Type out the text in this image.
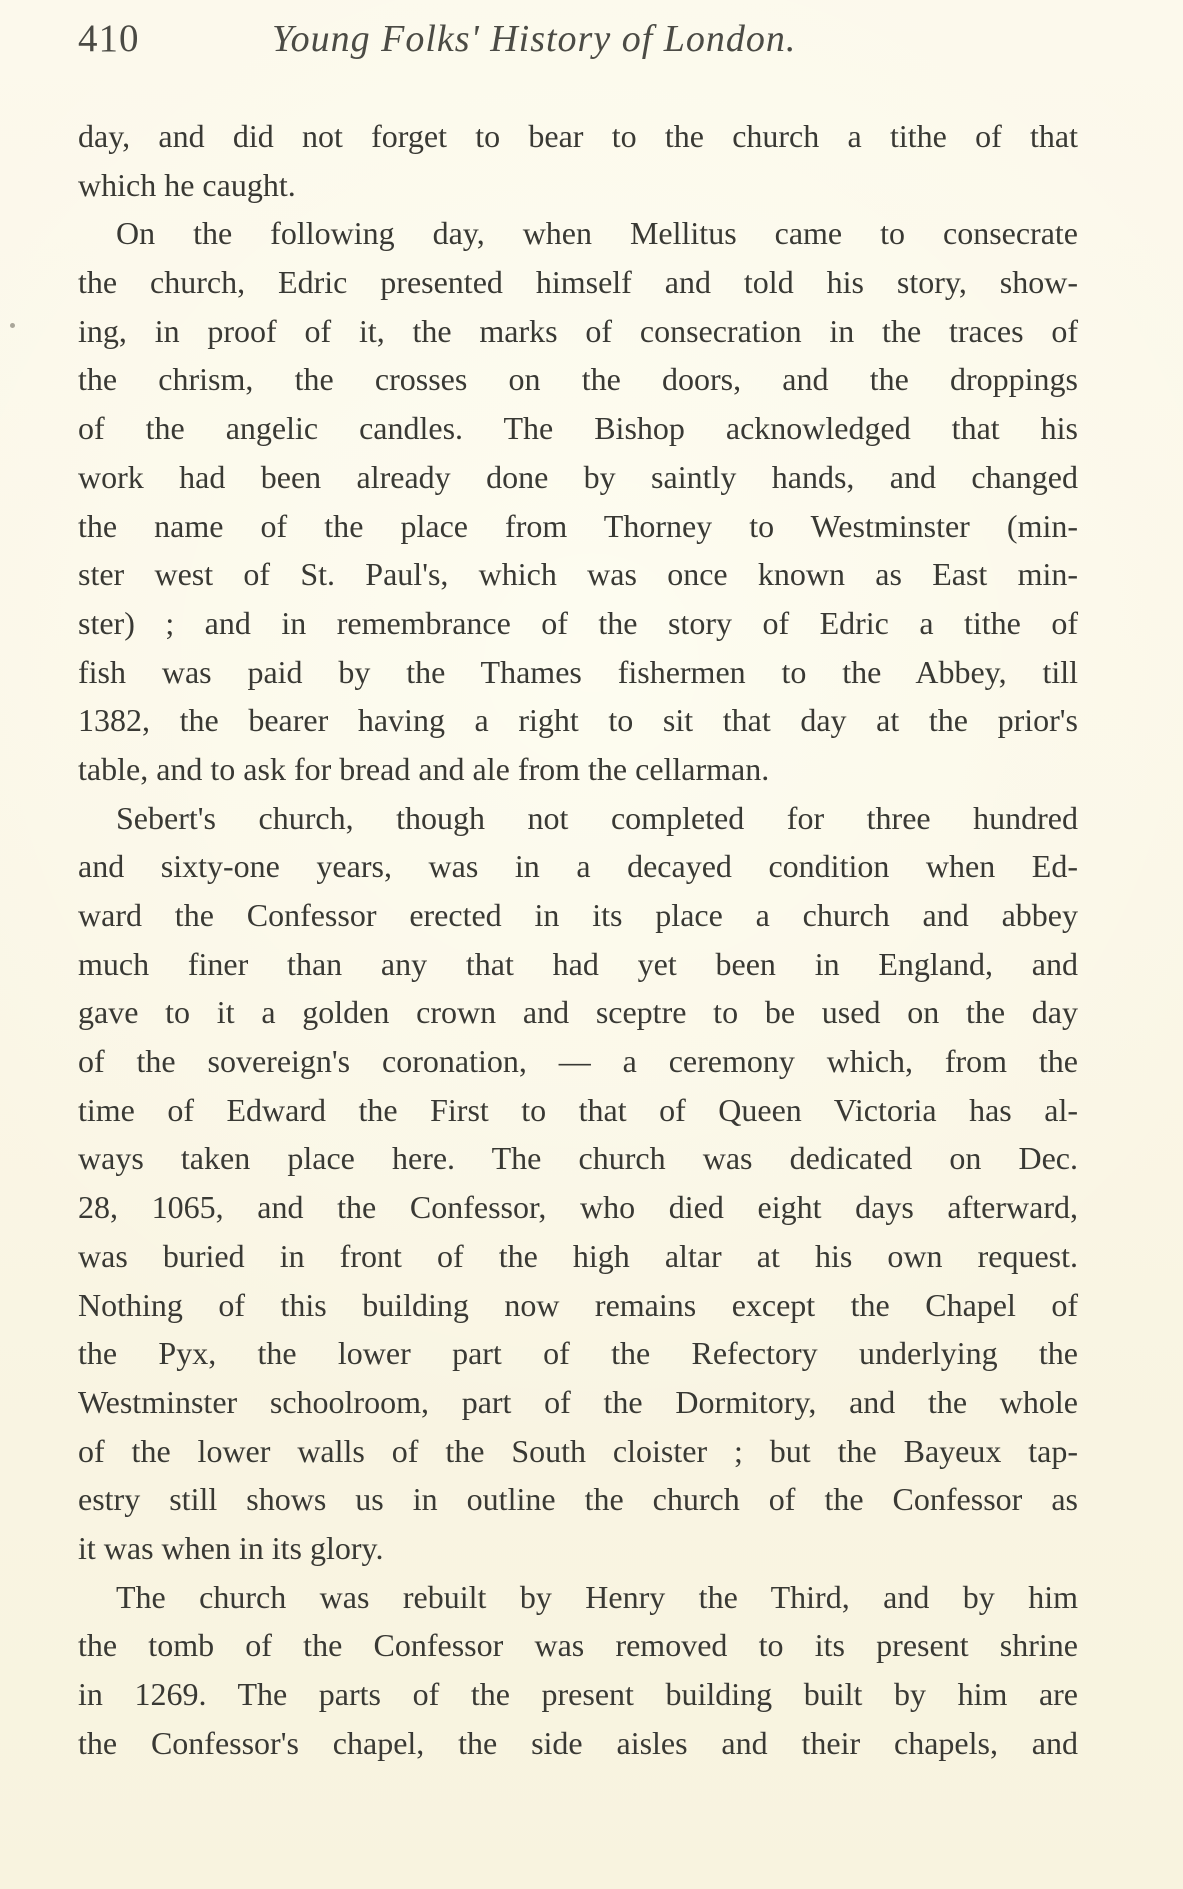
410	Young Folks' History of London.
day, and did not forget to bear to the church a tithe of that
which he caught.
On the following day, when Mellitus came to consecrate
the church, Edric presented himself and told his story, show-
ing, in proof of it, the marks of consecration in the traces of
the chrism, the crosses on the doors, and the droppings
of the angelic candles. The Bishop acknowledged that his
work had been already done by saintly hands, and changed
the name of the place from Thorney to Westminster (min-
ster west of St. Paul's, which was once known as East min-
ster) ; and in remembrance of the story of Edric a tithe of
fish was paid by the Thames fishermen to the Abbey, till
1382, the bearer having a right to sit that day at the prior's
table, and to ask for bread and ale from the cellarman.
Sebert's church, though not completed for three hundred
and sixty-one years, was in a decayed condition when Ed-
ward the Confessor erected in its place a church and abbey
much finer than any that had yet been in England, and
gave to it a golden crown and sceptre to be used on the day
of the sovereign's coronation, — a ceremony which, from the
time of Edward the First to that of Queen Victoria has al-
ways taken place here. The church was dedicated on Dec.
28, 1065, and the Confessor, who died eight days afterward,
was buried in front of the high altar at his own request.
Nothing of this building now remains except the Chapel of
the Pyx, the lower part of the Refectory underlying the
Westminster schoolroom, part of the Dormitory, and the whole
of the lower walls of the South cloister ; but the Bayeux tap-
estry still shows us in outline the church of the Confessor as
it was when in its glory.
The church was rebuilt by Henry the Third, and by him
the tomb of the Confessor was removed to its present shrine
in 1269. The parts of the present building built by him are
the Confessor's chapel, the side aisles and their chapels, and
